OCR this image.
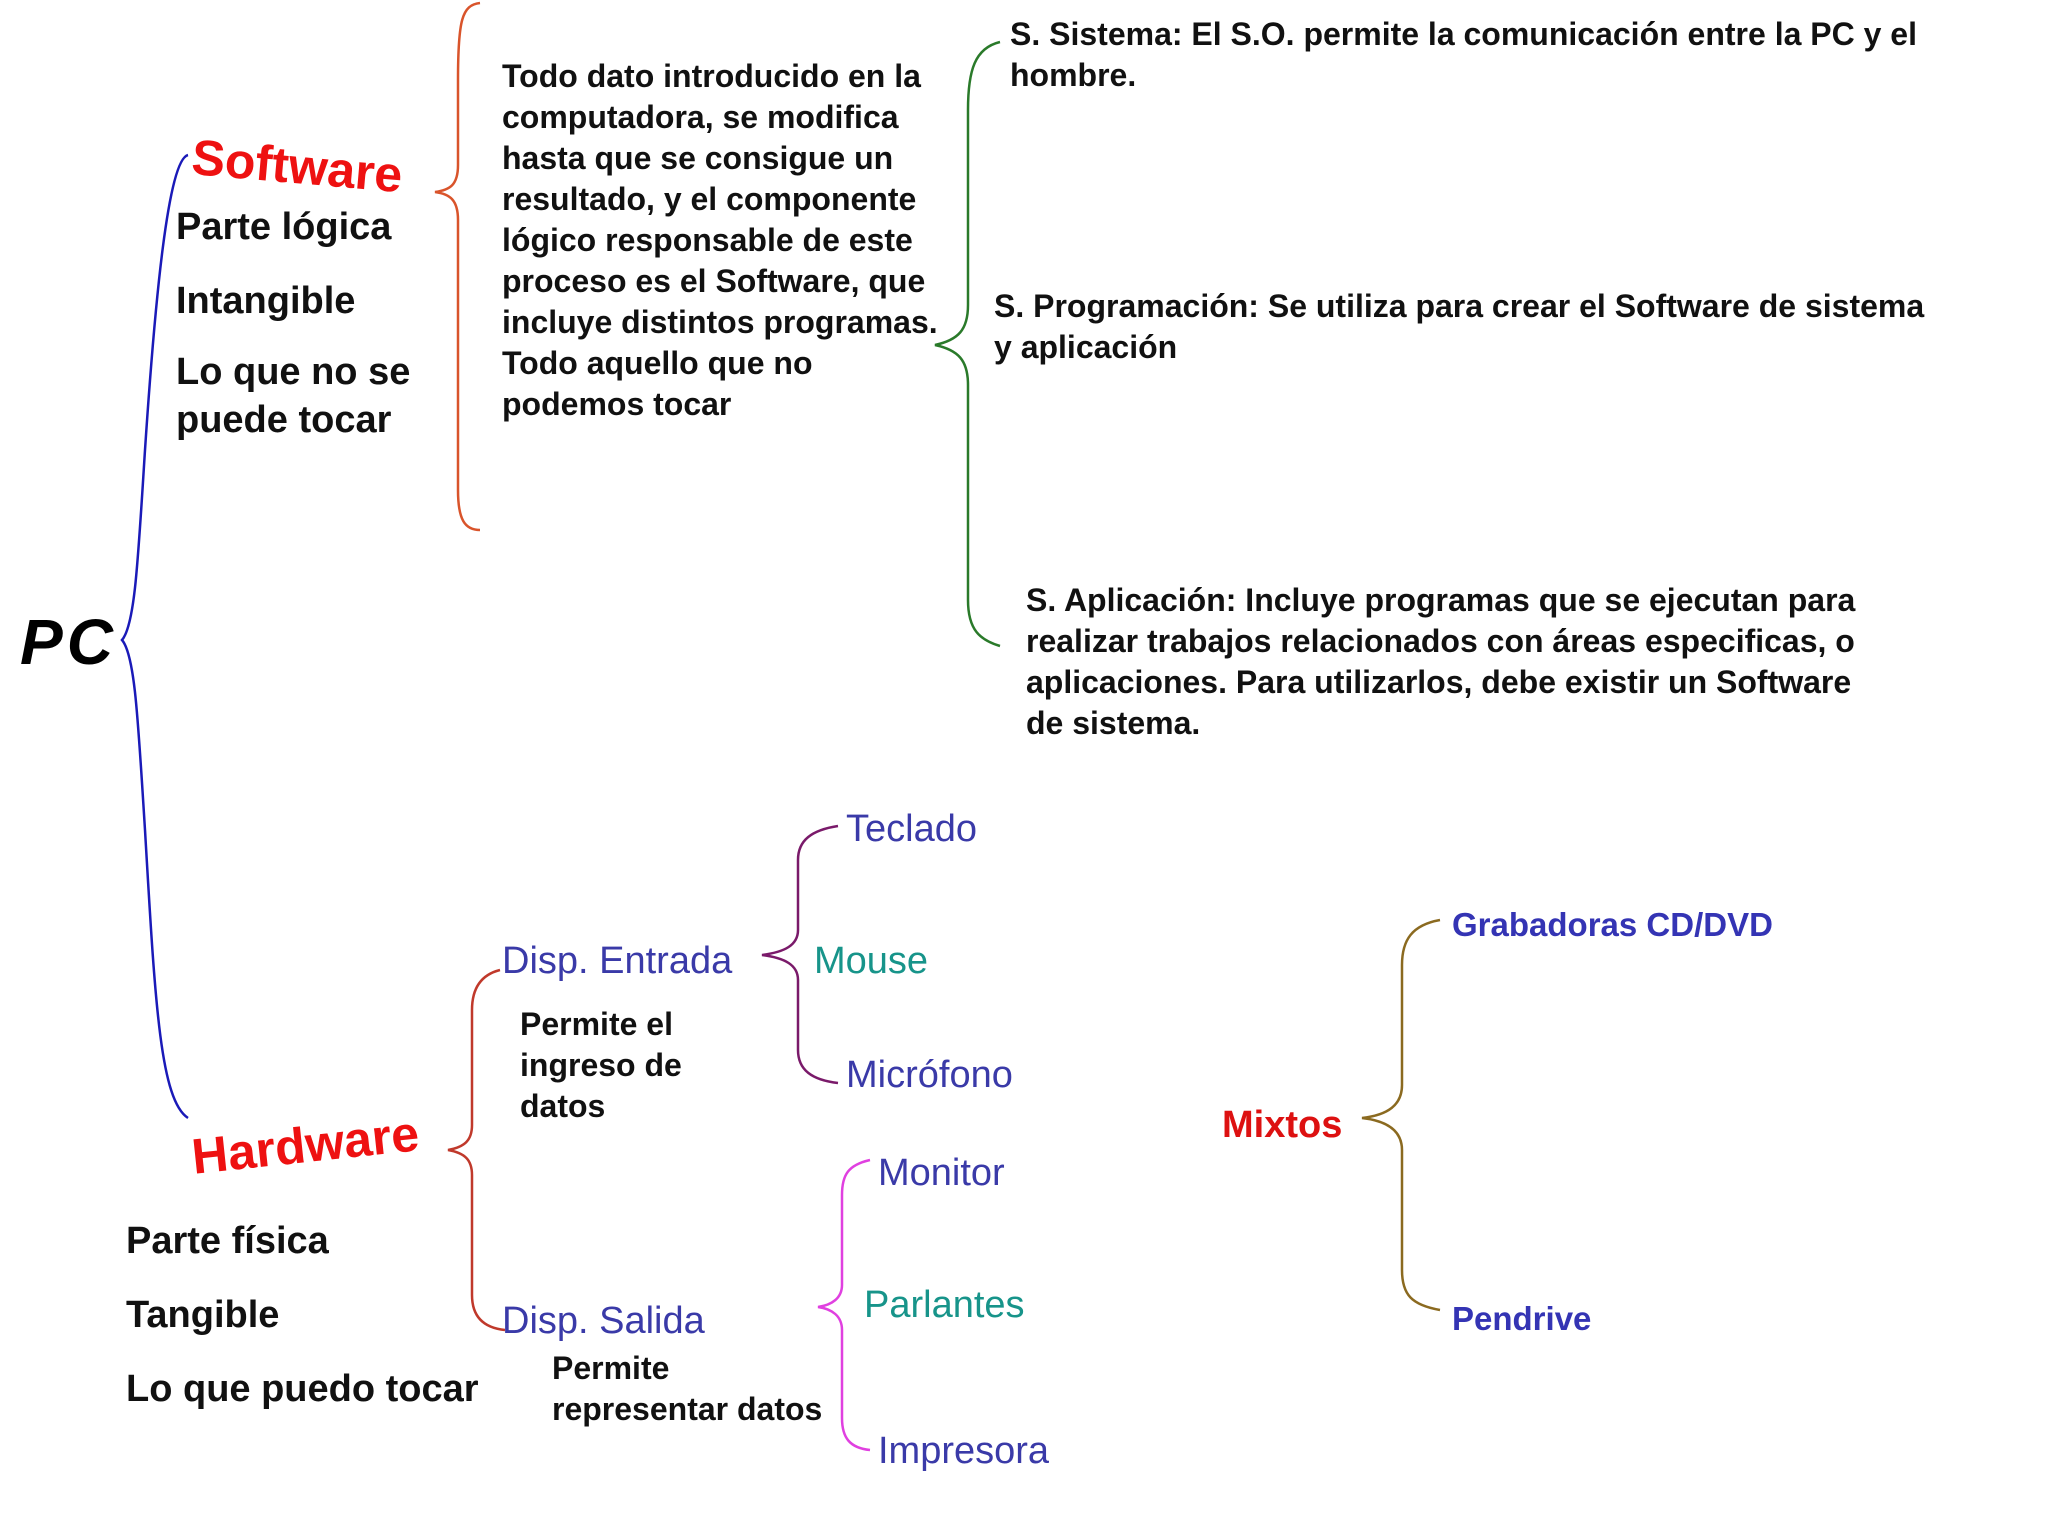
PC

Software

Parte lógica

Intangible

Lo que no se puede tocar

Todo dato introducido en la computadora, se modifica hasta que se consigue un resultado, y el componente lógico responsable de este proceso es el Software, que incluye distintos programas. Todo aquello que no podemos tocar

S. Sistema: El S.O. permite la comunicación entre la PC y el hombre.

S. Programación: Se utiliza para crear el Software de sistema y aplicación

S. Aplicación: Incluye programas que se ejecutan para realizar trabajos relacionados con áreas especificas, o aplicaciones. Para utilizarlos, debe existir un Software de sistema.

Hardware

Parte física

Tangible

Lo que puedo tocar

Disp. Entrada

Permite el ingreso de datos

Teclado

Mouse

Micrófono

Disp. Salida

Permite representar datos

Monitor

Parlantes

Impresora

Mixtos

Grabadoras CD/DVD

Pendrive
